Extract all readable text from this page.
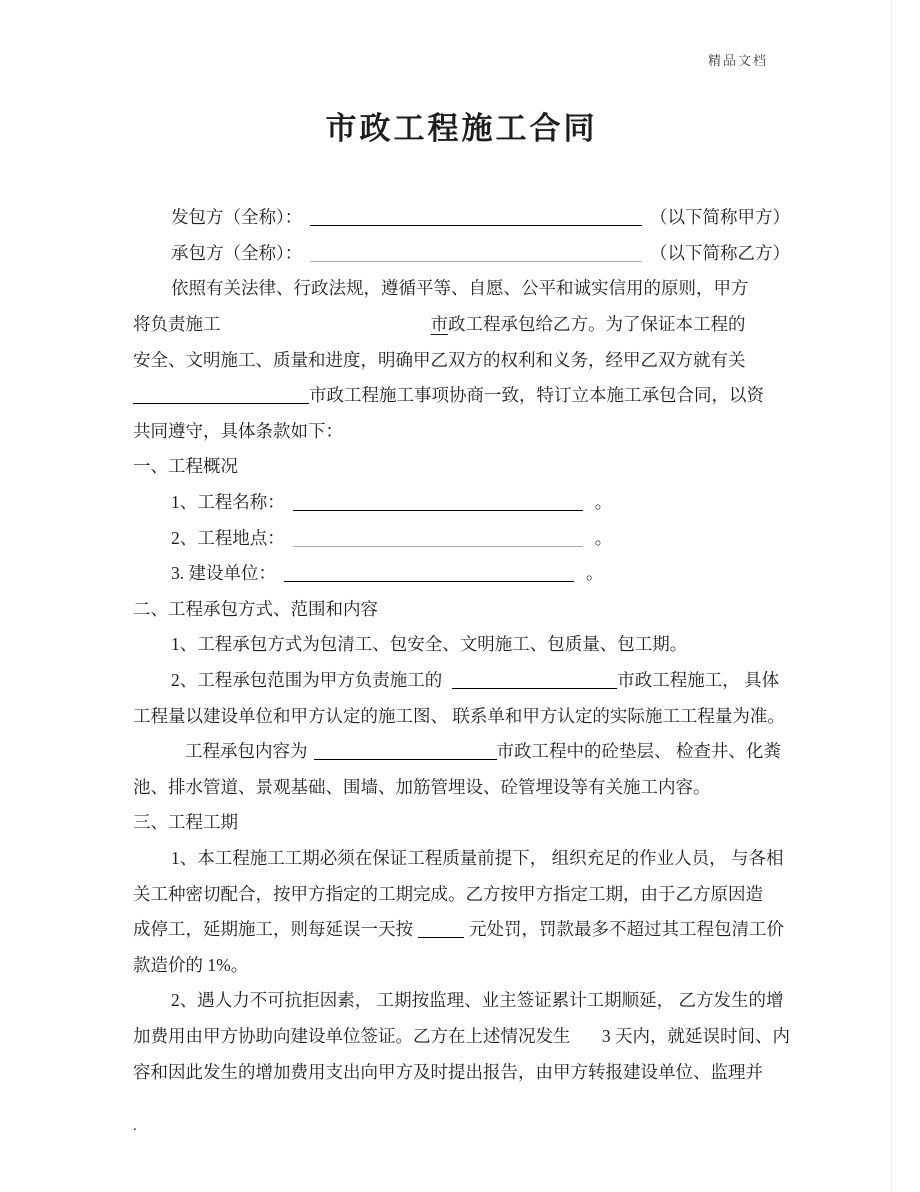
精品文档
市政工程施工合同
发包方（全称）：	（以下简称甲方）
承包方（全称）：	（以下简称乙方）
依照有关法律、行政法规，遵循平等、自愿、公平和诚实信用的原则，甲方
将负责施工	市 政工程承包给乙方。为了保证本工程的
安全、文明施工、质量和进度，明确甲乙双方的权利和义务，经甲乙双方就有关
市政工程施工事项协商一致，特订立本施工承包合同，以资
共同遵守，具体条款如下：
一、工程概况
1、工程名称：	。
2、工程地点：	。
3. 建设单位：	。
二、工程承包方式、范围和内容
1、工程承包方式为包清工、包安全、文明施工、包质量、包工期。
2、工程承包范围为甲方负责施工的	市政工程施工， 具体
工程量以建设单位和甲方认定的施工图、 联系单和甲方认定的实际施工工程量为准。
工程承包内容为	市政工程中的砼垫层、 检查井、化粪
池、排水管道、景观基础、围墙、加筋管埋设、砼管埋设等有关施工内容。
三、工程工期
1、本工程施工工期必须在保证工程质量前提下， 组织充足的作业人员， 与各相
关工种密切配合，按甲方指定的工期完成。乙方按甲方指定工期，由于乙方原因造
成停工，延期施工，则每延误一天按	元处罚，罚款最多不超过其工程包清工价
款造价的 1%。
2、遇人力不可抗拒因素， 工期按监理、业主签证累计工期顺延， 乙方发生的增
加费用由甲方协助向建设单位签证。乙方在上述情况发生 3 天内，就延误时间、内
容和因此发生的增加费用支出向甲方及时提出报告，由甲方转报建设单位、监理并
.
